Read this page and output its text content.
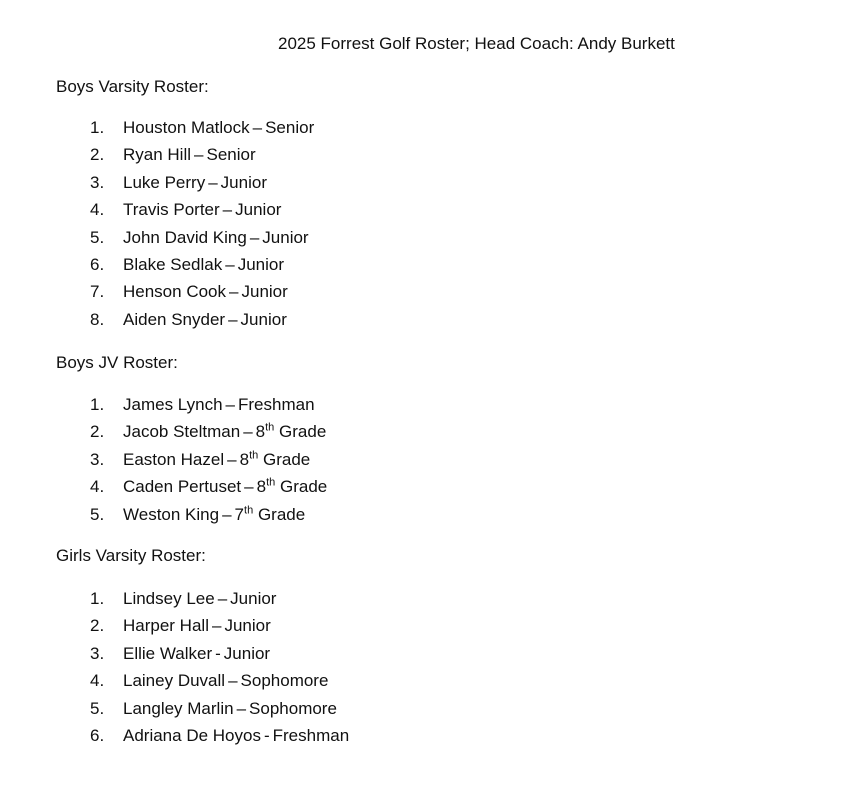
2025 Forrest Golf Roster; Head Coach: Andy Burkett
Boys Varsity Roster:
1.	Houston Matlock – Senior
2.	Ryan Hill – Senior
3.	Luke Perry – Junior
4.	Travis Porter – Junior
5.	John David King – Junior
6.	Blake Sedlak – Junior
7.	Henson Cook – Junior
8.	Aiden Snyder – Junior
Boys JV Roster:
1.	James Lynch – Freshman
2.	Jacob Steltman – 8th Grade
3.	Easton Hazel – 8th Grade
4.	Caden Pertuset – 8th Grade
5.	Weston King – 7th Grade
Girls Varsity Roster:
1.	Lindsey Lee – Junior
2.	Harper Hall – Junior
3.	Ellie Walker - Junior
4.	Lainey Duvall – Sophomore
5.	Langley Marlin – Sophomore
6.	Adriana De Hoyos - Freshman
